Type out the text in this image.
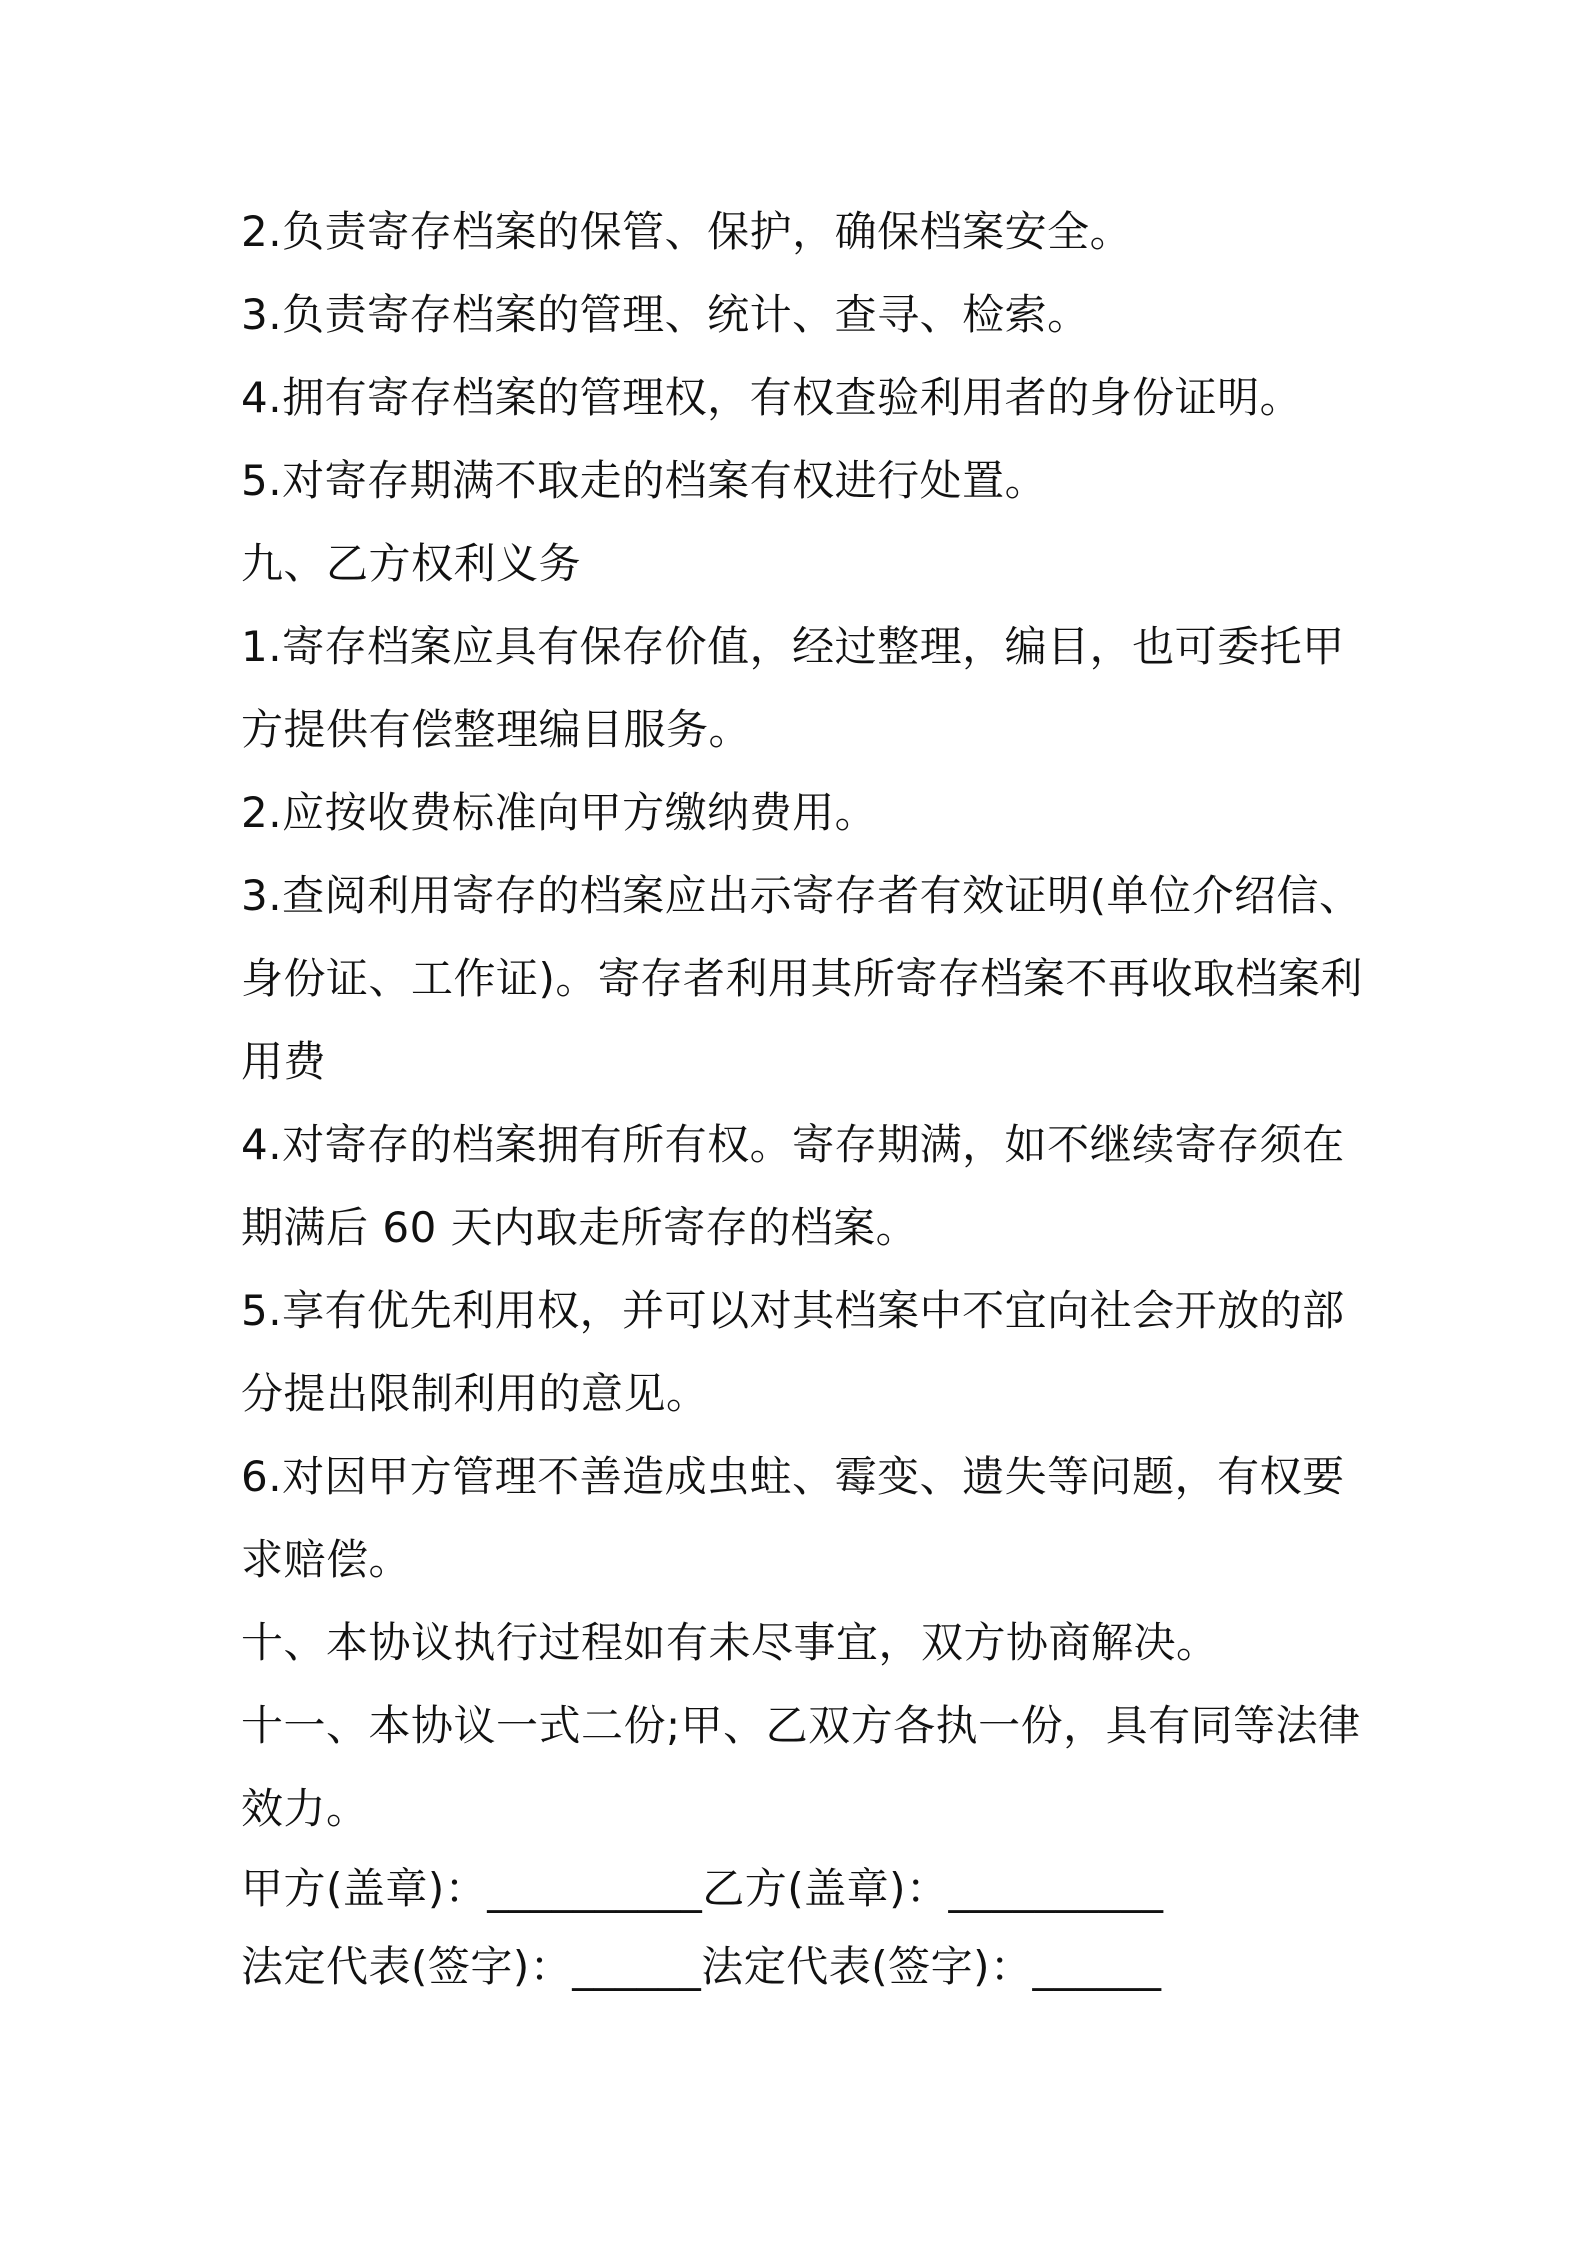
2.负责寄存档案的保管、保护，确保档案安全。
3.负责寄存档案的管理、统计、查寻、检索。
4.拥有寄存档案的管理权，有权查验利用者的身份证明。
5.对寄存期满不取走的档案有权进行处置。
九、乙方权利义务
1.寄存档案应具有保存价值，经过整理，编目，也可委托甲
方提供有偿整理编目服务。
2.应按收费标准向甲方缴纳费用。
3.查阅利用寄存的档案应出示寄存者有效证明(单位介绍信、
身份证、工作证)。寄存者利用其所寄存档案不再收取档案利
用费
4.对寄存的档案拥有所有权。寄存期满，如不继续寄存须在
期满后 60 天内取走所寄存的档案。
5.享有优先利用权，并可以对其档案中不宜向社会开放的部
分提出限制利用的意见。
6.对因甲方管理不善造成虫蛀、霉变、遗失等问题，有权要
求赔偿。
十、本协议执行过程如有未尽事宜，双方协商解决。
十一、本协议一式二份;甲、乙双方各执一份，具有同等法律
效力。
甲方(盖章)：__________乙方(盖章)：__________
法定代表(签字)：______法定代表(签字)：______
